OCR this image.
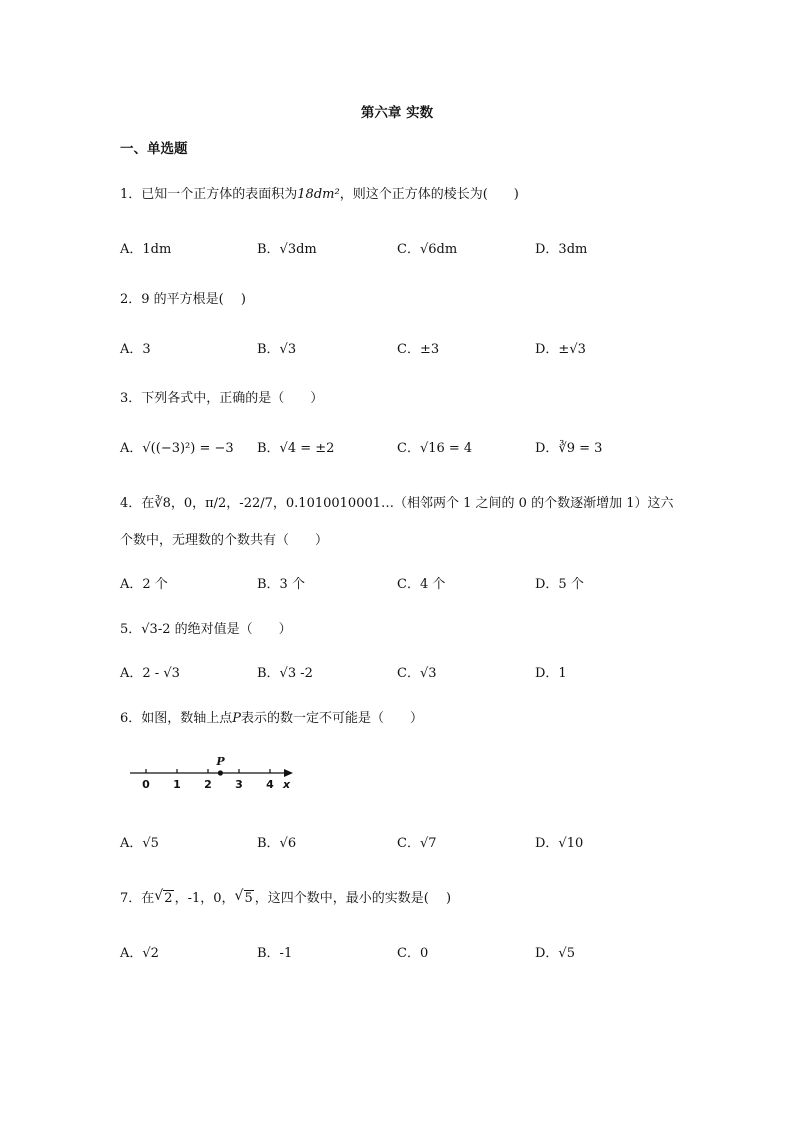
第六章 实数
一、单选题
1．已知一个正方体的表面积为18dm²，则这个正方体的棱长为(　　)
A．1dm	B．√3dm	C．√6dm	D．3dm
2．9 的平方根是(　 )
A．3	B．√3	C．±3	D．±√3
3．下列各式中，正确的是（　　）
A．√((−3)²) = −3 B．√4 = ±2	C．√16 = 4	D．∛9 = 3
4．在∛8，0，π/2，-22/7，0.1010010001…（相邻两个 1 之间的 0 的个数逐渐增加 1）这六
个数中，无理数的个数共有（　　）
A．2 个	B．3 个	C．4 个	D．5 个
5．√3-2 的绝对值是（　　）
A．2 - √3	B．√3 -2	C．√3	D．1
6．如图，数轴上点P表示的数一定不可能是（　　）
0 1 2 3 4
P
x
A．√5	B．√6	C．√7	D．√10
7．在 √ 2 ，-1，0， √ 5 ，这四个数中，最小的实数是(　 )
A．√2	B．-1	C．0	D．√5
